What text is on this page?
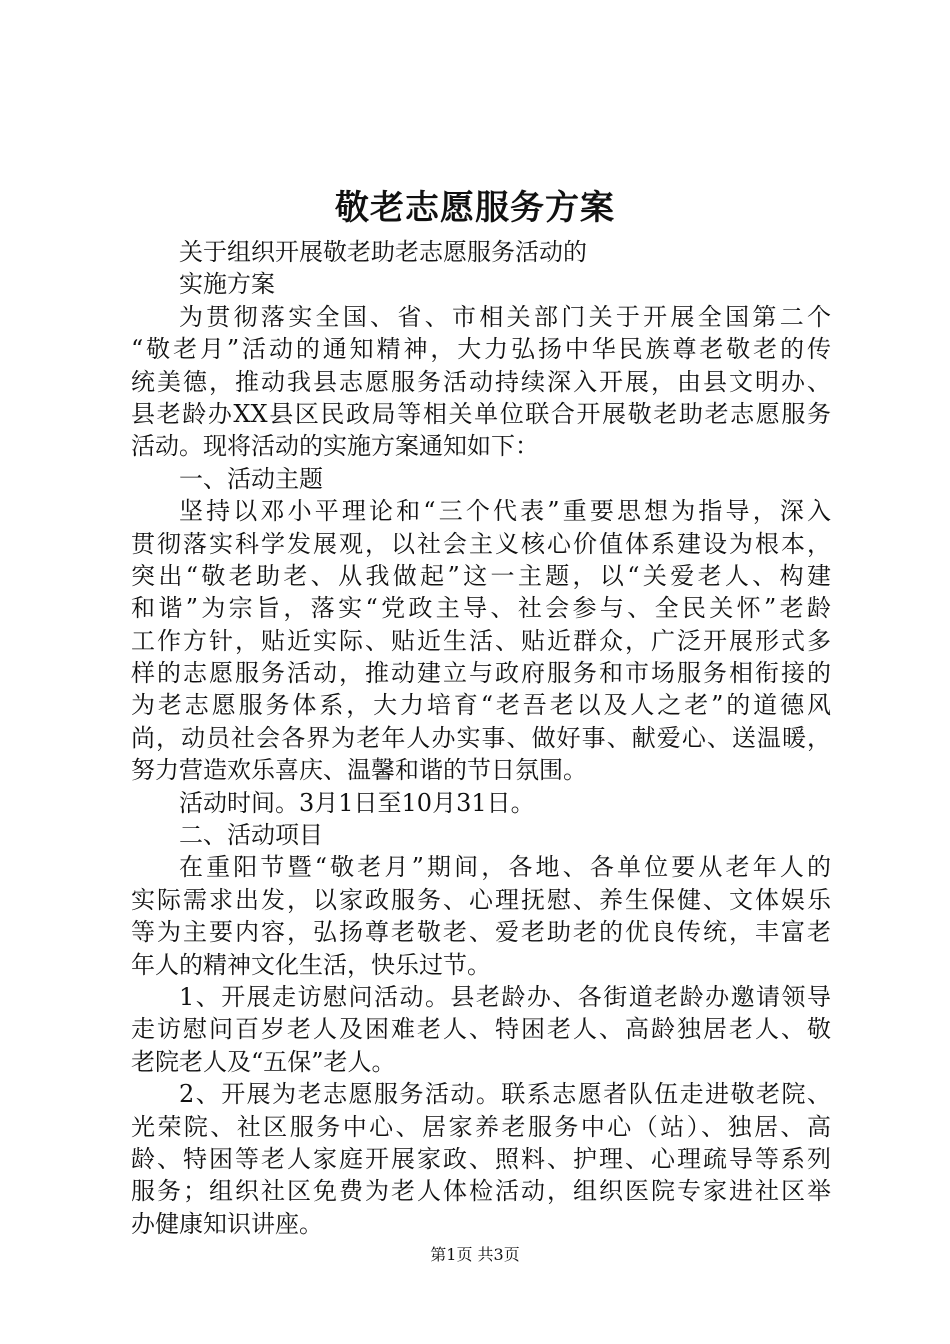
敬老志愿服务方案
关于组织开展敬老助老志愿服务活动的
实施方案
为贯彻落实全国、省、市相关部门关于开展全国第二个
“敬老月”活动的通知精神，大力弘扬中华民族尊老敬老的传
统美德，推动我县志愿服务活动持续深入开展，由县文明办、
县老龄办XX县区民政局等相关单位联合开展敬老助老志愿服务
活动。现将活动的实施方案通知如下：
一、活动主题
坚持以邓小平理论和“三个代表”重要思想为指导，深入
贯彻落实科学发展观，以社会主义核心价值体系建设为根本，
突出“敬老助老、从我做起”这一主题，以“关爱老人、构建
和谐”为宗旨，落实“党政主导、社会参与、全民关怀”老龄
工作方针，贴近实际、贴近生活、贴近群众，广泛开展形式多
样的志愿服务活动，推动建立与政府服务和市场服务相衔接的
为老志愿服务体系，大力培育“老吾老以及人之老”的道德风
尚，动员社会各界为老年人办实事、做好事、献爱心、送温暖，
努力营造欢乐喜庆、温馨和谐的节日氛围。
活动时间。3月1日至10月31日。
二、活动项目
在重阳节暨“敬老月”期间，各地、各单位要从老年人的
实际需求出发，以家政服务、心理抚慰、养生保健、文体娱乐
等为主要内容，弘扬尊老敬老、爱老助老的优良传统，丰富老
年人的精神文化生活，快乐过节。
1、开展走访慰问活动。县老龄办、各街道老龄办邀请领导
走访慰问百岁老人及困难老人、特困老人、高龄独居老人、敬
老院老人及“五保”老人。
2、开展为老志愿服务活动。联系志愿者队伍走进敬老院、
光荣院、社区服务中心、居家养老服务中心（站）、独居、高
龄、特困等老人家庭开展家政、照料、护理、心理疏导等系列
服务；组织社区免费为老人体检活动，组织医院专家进社区举
办健康知识讲座。
第1页 共3页
